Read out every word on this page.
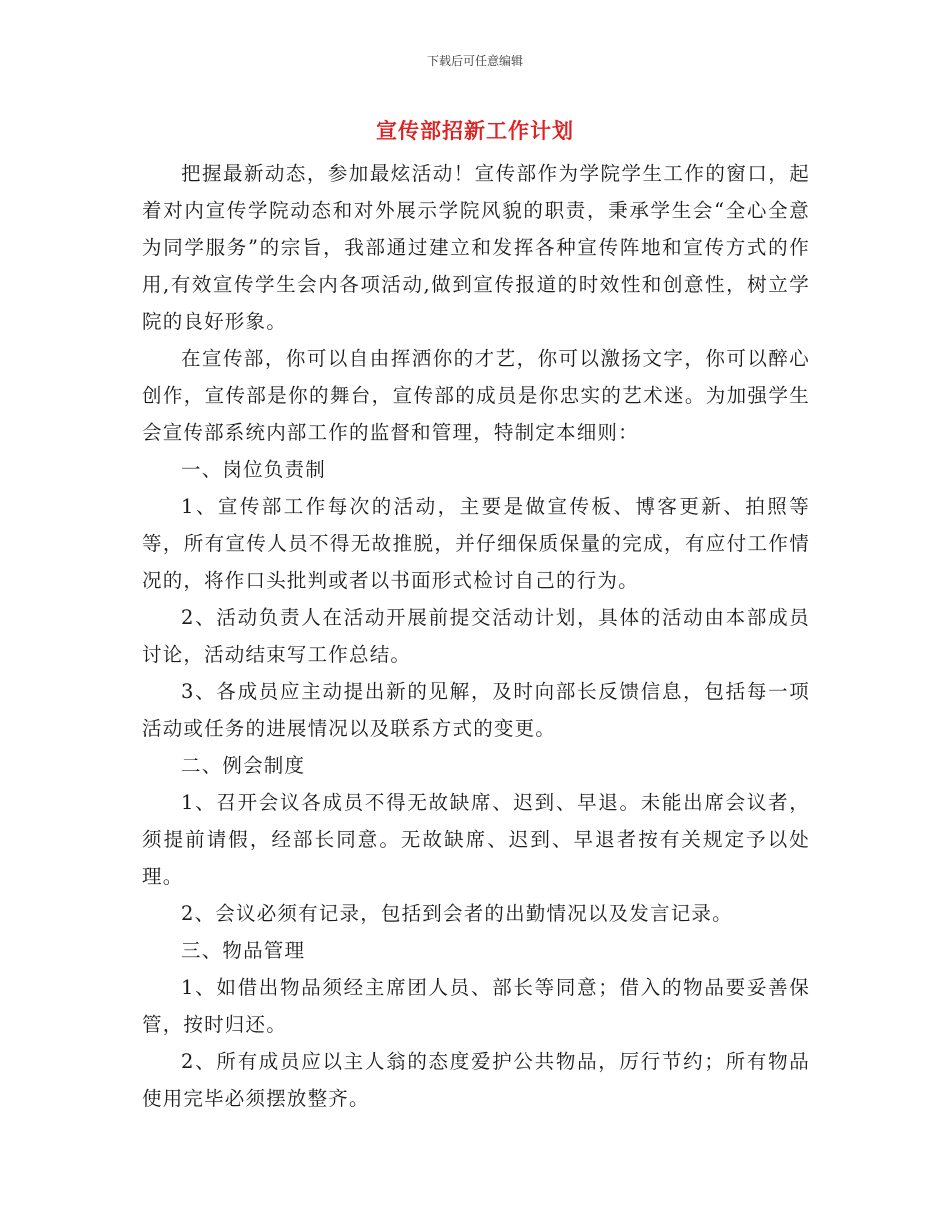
下载后可任意编辑
宣传部招新工作计划

把握最新动态，参加最炫活动！宣传部作为学院学生工作的窗口，起着对内宣传学院动态和对外展示学院风貌的职责，秉承学生会“全心全意为同学服务”的宗旨，我部通过建立和发挥各种宣传阵地和宣传方式的作用,有效宣传学生会内各项活动,做到宣传报道的时效性和创意性，树立学院的良好形象。

在宣传部，你可以自由挥洒你的才艺，你可以激扬文字，你可以醉心创作，宣传部是你的舞台，宣传部的成员是你忠实的艺术迷。为加强学生会宣传部系统内部工作的监督和管理，特制定本细则：

一、岗位负责制

1、宣传部工作每次的活动，主要是做宣传板、博客更新、拍照等等，所有宣传人员不得无故推脱，并仔细保质保量的完成，有应付工作情况的，将作口头批判或者以书面形式检讨自己的行为。

2、活动负责人在活动开展前提交活动计划，具体的活动由本部成员讨论，活动结束写工作总结。

3、各成员应主动提出新的见解，及时向部长反馈信息，包括每一项活动或任务的进展情况以及联系方式的变更。

二、例会制度

1、召开会议各成员不得无故缺席、迟到、早退。未能出席会议者，须提前请假，经部长同意。无故缺席、迟到、早退者按有关规定予以处理。

2、会议必须有记录，包括到会者的出勤情况以及发言记录。

三、物品管理

1、如借出物品须经主席团人员、部长等同意；借入的物品要妥善保管，按时归还。

2、所有成员应以主人翁的态度爱护公共物品，厉行节约；所有物品使用完毕必须摆放整齐。
